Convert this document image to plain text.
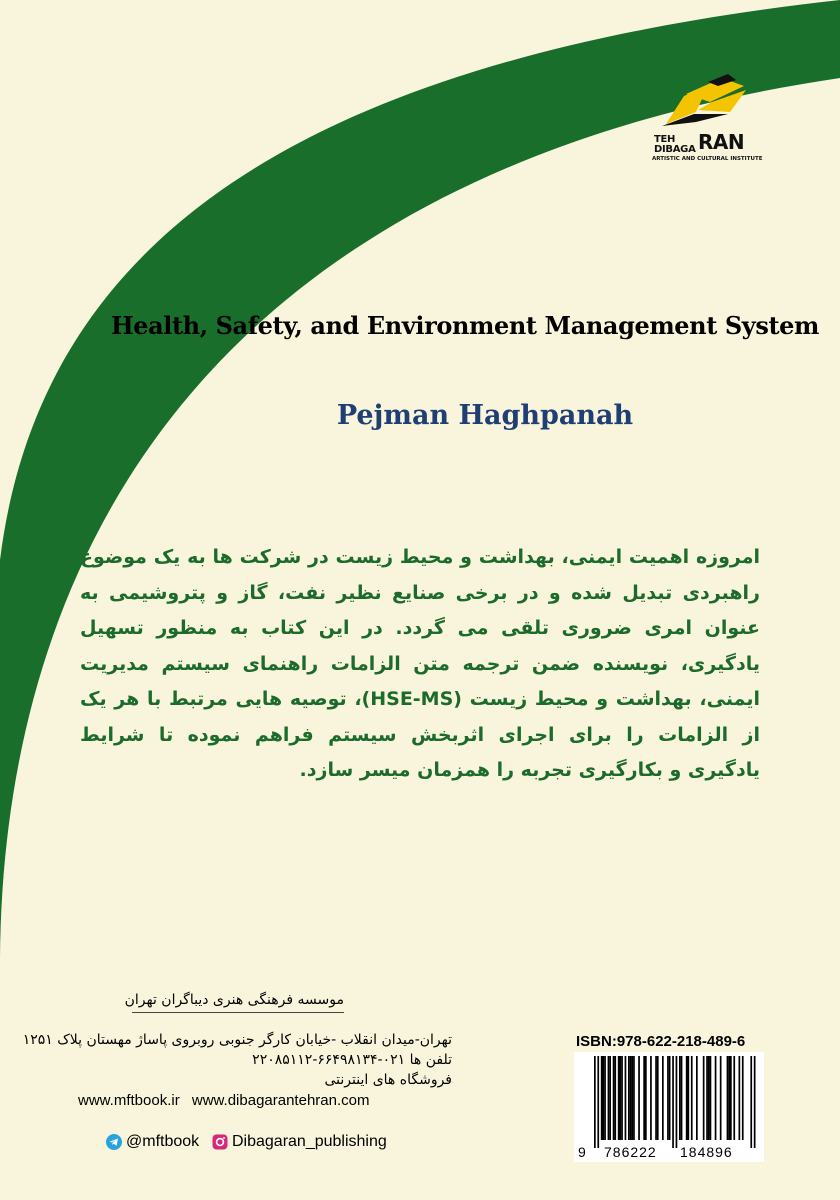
TEH
DIBAGA RAN
ARTISTIC AND CULTURAL INSTITUTE
Health, Safety, and Environment Management System
Pejman Haghpanah
امروزه اهمیت ایمنی، بهداشت و محیط زیست در شرکت ها به یک موضوع راهبردی تبدیل شده و در برخی صنایع نظیر نفت، گاز و پتروشیمی به عنوان امری ضروری تلقی می گردد. در این کتاب به منظور تسهیل یادگیری، نویسنده ضمن ترجمه متن الزامات راهنمای سیستم مدیریت ایمنی، بهداشت و محیط زیست (HSE-MS)، توصیه هایی مرتبط با هر یک از الزامات را برای اجرای اثربخش سیستم فراهم نموده تا شرایط یادگیری و بکارگیری تجربه را همزمان میسر سازد.
موسسه فرهنگی هنری دیباگران تهران
تهران-میدان انقلاب -خیابان کارگر جنوبی روبروی پاساژ مهستان پلاک ۱۲۵۱
تلفن ها ۰۲۱-۶۶۴۹۸۱۳۴-۲۲۰۸۵۱۱۲
فروشگاه های اینترنتی
www.mftbook.ir www.dibagarantehran.com
@mftbook Dibagaran_publishing
ISBN:978-622-218-489-6
9 786222 184896
